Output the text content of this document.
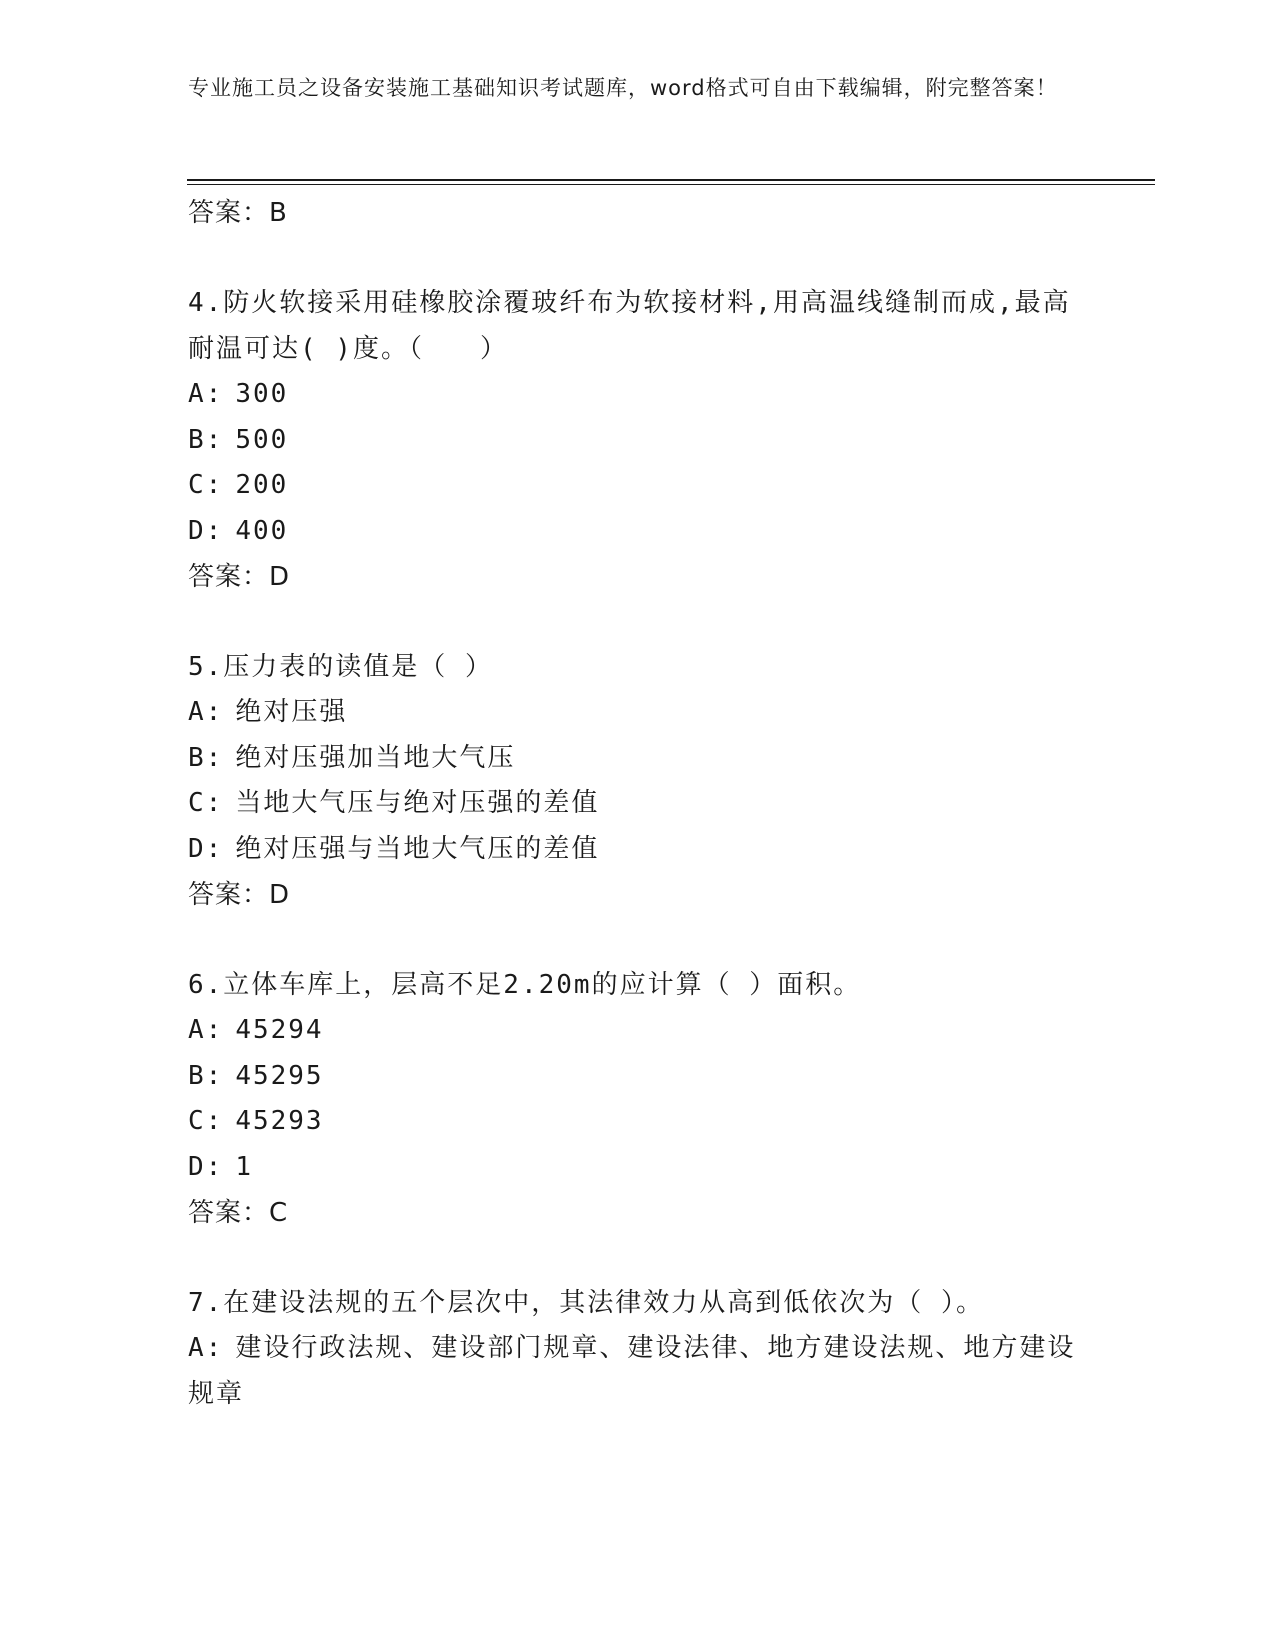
专业施工员之设备安装施工基础知识考试题库，word格式可自由下载编辑，附完整答案！
答案：B
4.防火软接采用硅橡胶涂覆玻纤布为软接材料,用高温线缝制而成,最高耐温可达( )度。（　　）
A: 300
B: 500
C: 200
D: 400
答案：D
5.压力表的读值是（ ）
A: 绝对压强
B: 绝对压强加当地大气压
C: 当地大气压与绝对压强的差值
D: 绝对压强与当地大气压的差值
答案：D
6.立体车库上，层高不足2.20m的应计算（ ）面积。
A: 45294
B: 45295
C: 45293
D: 1
答案：C
7.在建设法规的五个层次中，其法律效力从高到低依次为（ ）。
A: 建设行政法规、建设部门规章、建设法律、地方建设法规、地方建设规章
